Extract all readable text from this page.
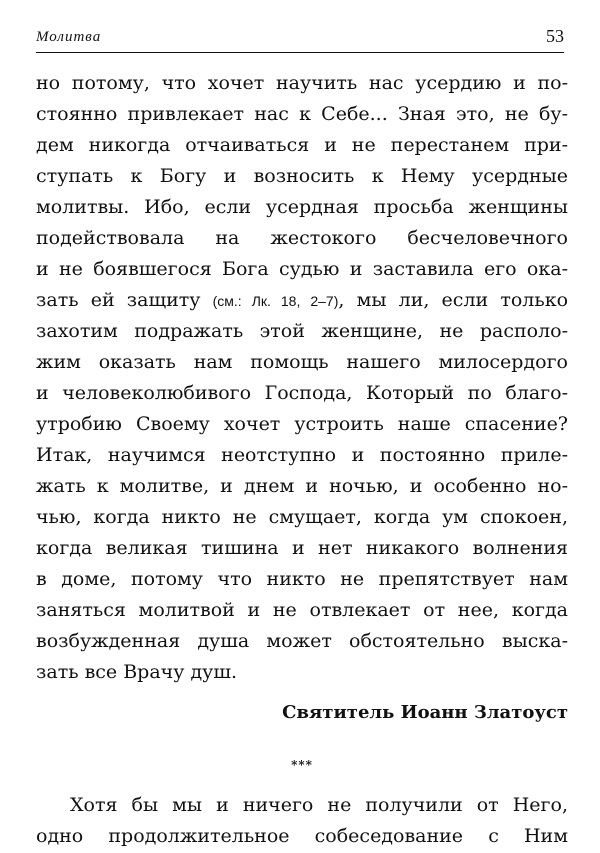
Молитва	53
но потому, что хочет научить нас усердию и по-
стоянно привлекает нас к Себе... Зная это, не бу-
дем никогда отчаиваться и не перестанем при-
ступать к Богу и возносить к Нему усердные
молитвы. Ибо, если усердная просьба женщины
подействовала на жестокого бесчеловечного
и не боявшегося Бога судью и заставила его ока-
зать ей защиту (см.: Лк. 18, 2–7), мы ли, если только
захотим подражать этой женщине, не располо-
жим оказать нам помощь нашего милосердого
и человеколюбивого Господа, Который по благо-
утробию Своему хочет устроить наше спасение?
Итак, научимся неотступно и постоянно приле-
жать к молитве, и днем и ночью, и особенно но-
чью, когда никто не смущает, когда ум спокоен,
когда великая тишина и нет никакого волнения
в доме, потому что никто не препятствует нам
заняться молитвой и не отвлекает от нее, когда
возбужденная душа может обстоятельно выска-
зать все Врачу душ.
Святитель Иоанн Златоуст
***
Хотя бы мы и ничего не получили от Него,
одно продолжительное собеседование с Ним
